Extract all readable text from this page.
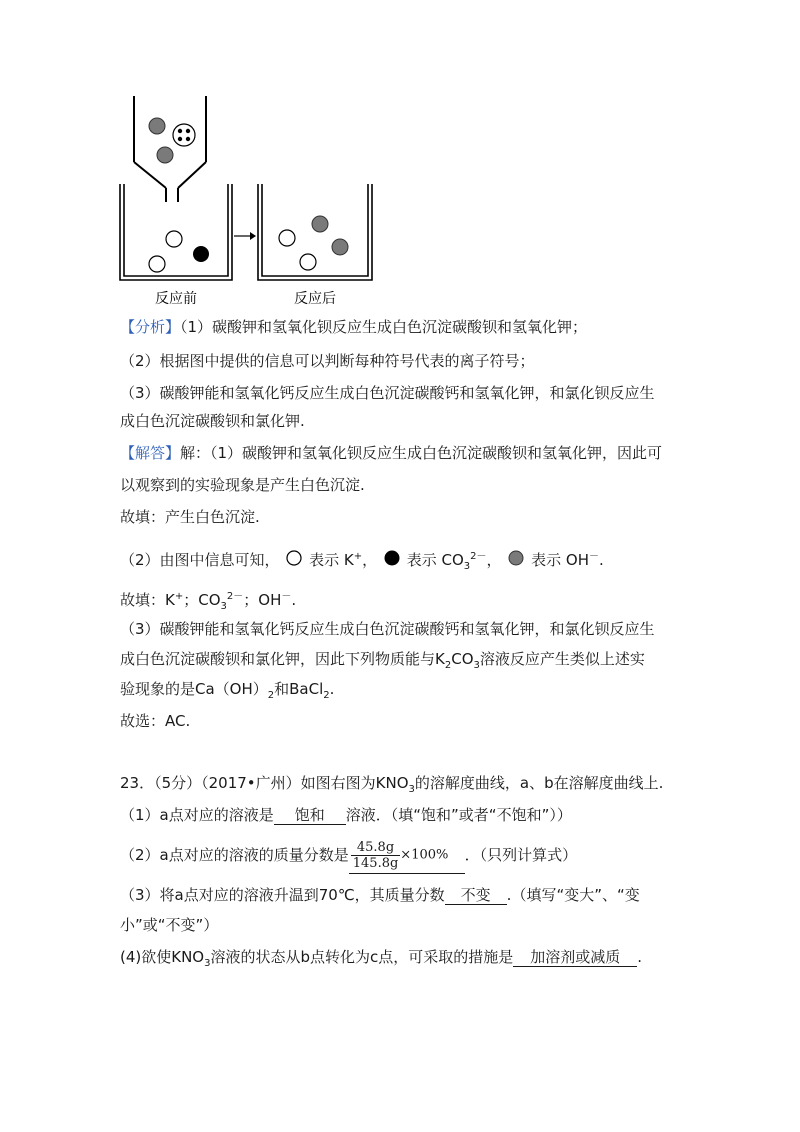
反应前	反应后
【分析】（1）碳酸钾和氢氧化钡反应生成白色沉淀碳酸钡和氢氧化钾；
（2）根据图中提供的信息可以判断每种符号代表的离子符号；
（3）碳酸钾能和氢氧化钙反应生成白色沉淀碳酸钙和氢氧化钾，和氯化钡反应生
成白色沉淀碳酸钡和氯化钾.
【解答】解：（1）碳酸钾和氢氧化钡反应生成白色沉淀碳酸钡和氢氧化钾，因此可
以观察到的实验现象是产生白色沉淀.
故填：产生白色沉淀.
（2）由图中信息可知， 表示 K+， 表示 $CO_3^{2-}$， 表示 OH－.
故填：K+；$CO_3^{2-}$；OH－.
（3）碳酸钾能和氢氧化钙反应生成白色沉淀碳酸钙和氢氧化钾，和氯化钡反应生
成白色沉淀碳酸钡和氯化钾，因此下列物质能与$K_2CO_3$溶液反应产生类似上述实
验现象的是$Ca(OH)_2$和BaCl$_2$.
故选：AC.
23．（5分）（2017•广州）如图右图为$KNO_3$的溶解度曲线，a、b在溶解度曲线上.
（1）a点对应的溶液是 饱和 溶液．（填“饱和”或者“不饱和”））
（2）a点对应的溶液的质量分数是 $\frac{45.8g}{145.8g} \times 100\%$ ．（只列计算式）
（3）将a点对应的溶液升温到70℃，其质量分数 不变 .（填写“变大”、“变
小”或“不变”）
(4)欲使$KNO_3$溶液的状态从b点转化为c点，可采取的措施是 加溶剂或减质 .
